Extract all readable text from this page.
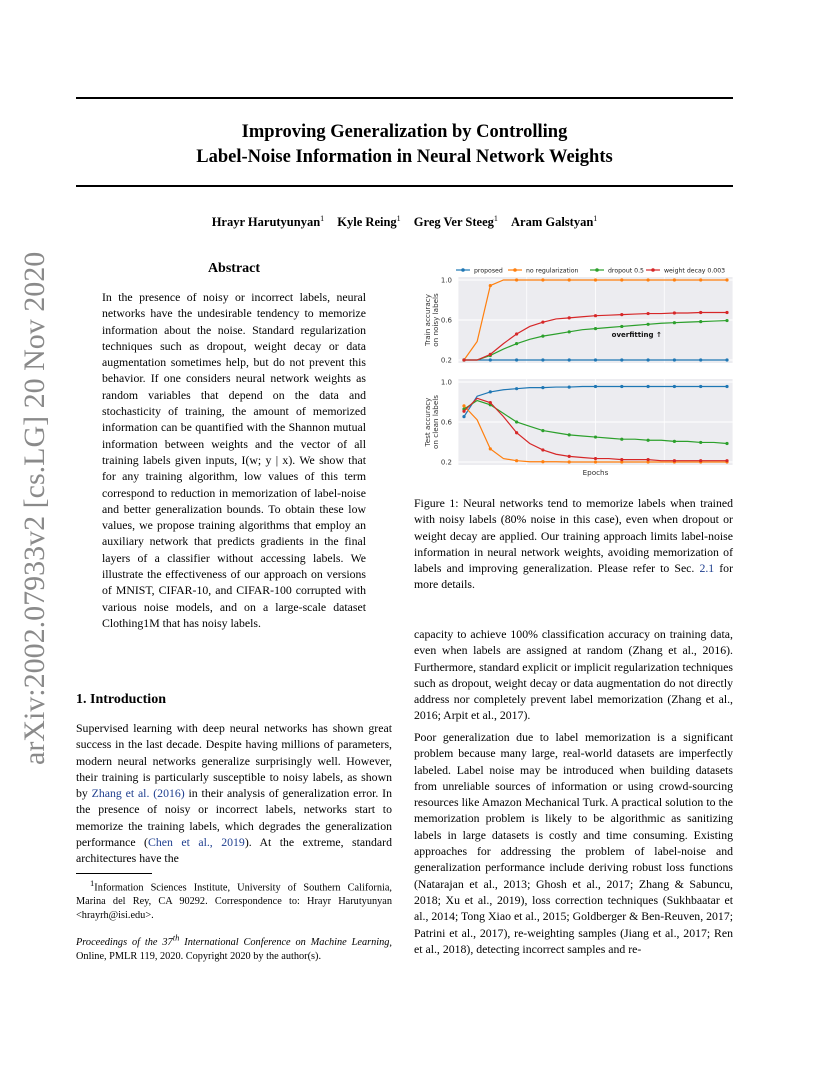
Improving Generalization by Controlling
Label-Noise Information in Neural Network Weights
Hrayr Harutyunyan$^1$ Kyle Reing$^1$ Greg Ver Steeg$^1$ Aram Galstyan$^1$
arXiv:2002.07933v2 [cs.LG] 20 Nov 2020	Abstract
In the presence of noisy or incorrect labels, neural networks have the undesirable tendency to memorize information about the noise. Standard regularization techniques such as dropout, weight decay or data augmentation sometimes help, but do not prevent this behavior. If one considers neural network weights as random variables that depend on the data and stochasticity of training, the amount of memorized information can be quantified with the Shannon mutual information between weights and the vector of all training labels given inputs, I(w; y | x). We show that for any training algorithm, low values of this term correspond to reduction in memorization of label-noise and better generalization bounds. To obtain these low values, we propose training algorithms that employ an auxiliary network that predicts gradients in the final layers of a classifier without accessing labels. We illustrate the effectiveness of our approach on versions of MNIST, CIFAR-10, and CIFAR-100 corrupted with various noise models, and on a large-scale dataset Clothing1M that has noisy labels.
1. Introduction
Supervised learning with deep neural networks has shown great success in the last decade. Despite having millions of parameters, modern neural networks generalize surprisingly well. However, their training is particularly susceptible to noisy labels, as shown by Zhang et al. (2016) in their analysis of generalization error. In the presence of noisy or incorrect labels, networks start to memorize the training labels, which degrades the generalization performance (Chen et al., 2019). At the extreme, standard architectures have the
$^1$Information Sciences Institute, University of Southern California, Marina del Rey, CA 90292. Correspondence to: Hrayr Harutyunyan <hrayrh@isi.edu>.
Proceedings of the 37th International Conference on Machine Learning, Online, PMLR 119, 2020. Copyright 2020 by the author(s).
proposed	no regularization	dropout 0.5	weight decay 0.003
0.2
0.6
1.0
Train accuracyon noisy labels	overfitting ↑
0.2
0.6
1.0
Test accuracyon clean labels
Epochs
Figure 1: Neural networks tend to memorize labels when trained with noisy labels (80% noise in this case), even when dropout or weight decay are applied. Our training approach limits label-noise information in neural network weights, avoiding memorization of labels and improving generalization. Please refer to Sec. 2.1 for more details.
capacity to achieve 100% classification accuracy on training data, even when labels are assigned at random (Zhang et al., 2016). Furthermore, standard explicit or implicit regularization techniques such as dropout, weight decay or data augmentation do not directly address nor completely prevent label memorization (Zhang et al., 2016; Arpit et al., 2017).
Poor generalization due to label memorization is a significant problem because many large, real-world datasets are imperfectly labeled. Label noise may be introduced when building datasets from unreliable sources of information or using crowd-sourcing resources like Amazon Mechanical Turk. A practical solution to the memorization problem is likely to be algorithmic as sanitizing labels in large datasets is costly and time consuming. Existing approaches for addressing the problem of label-noise and generalization performance include deriving robust loss functions (Natarajan et al., 2013; Ghosh et al., 2017; Zhang & Sabuncu, 2018; Xu et al., 2019), loss correction techniques (Sukhbaatar et al., 2014; Tong Xiao et al., 2015; Goldberger & Ben-Reuven, 2017; Patrini et al., 2017), re-weighting samples (Jiang et al., 2017; Ren et al., 2018), detecting incorrect samples and re-
